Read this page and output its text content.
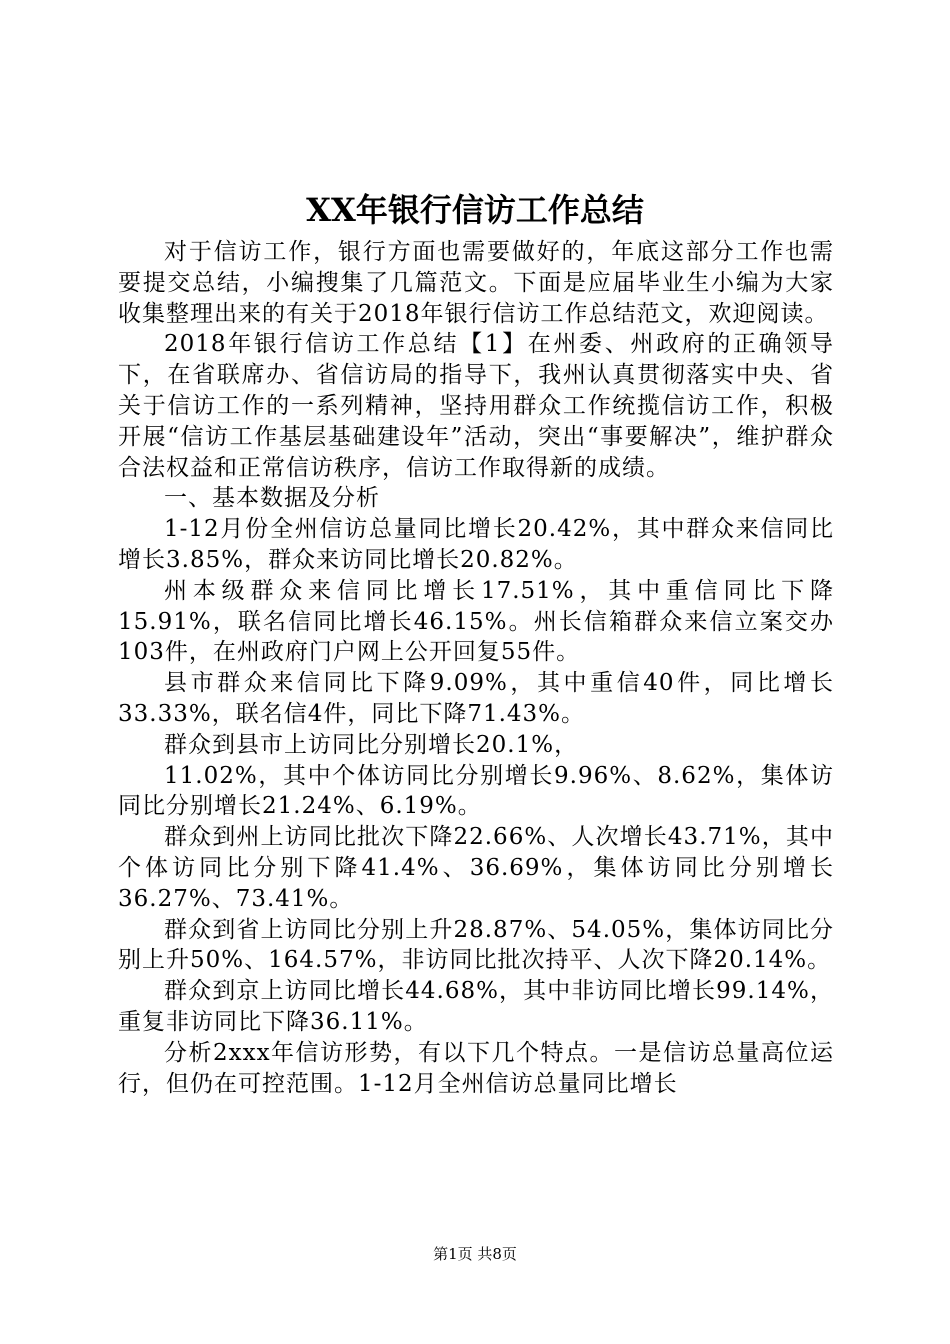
XX年银行信访工作总结

对于信访工作，银行方面也需要做好的，年底这部分工作也需要提交总结，小编搜集了几篇范文。下面是应届毕业生小编为大家收集整理出来的有关于2018年银行信访工作总结范文，欢迎阅读。

2018年银行信访工作总结【1】在州委、州政府的正确领导下，在省联席办、省信访局的指导下，我州认真贯彻落实中央、省关于信访工作的一系列精神，坚持用群众工作统揽信访工作，积极开展“信访工作基层基础建设年”活动，突出“事要解决”，维护群众合法权益和正常信访秩序，信访工作取得新的成绩。

一、基本数据及分析

1-12月份全州信访总量同比增长20.42%，其中群众来信同比增长3.85%，群众来访同比增长20.82%。

州本级群众来信同比增长17.51%，其中重信同比下降15.91%，联名信同比增长46.15%。州长信箱群众来信立案交办103件，在州政府门户网上公开回复55件。

县市群众来信同比下降9.09%，其中重信40件，同比增长33.33%，联名信4件，同比下降71.43%。

群众到县市上访同比分别增长20.1%，

11.02%，其中个体访同比分别增长9.96%、8.62%，集体访同比分别增长21.24%、6.19%。

群众到州上访同比批次下降22.66%、人次增长43.71%，其中个体访同比分别下降41.4%、36.69%，集体访同比分别增长36.27%、73.41%。

群众到省上访同比分别上升28.87%、54.05%，集体访同比分别上升50%、164.57%，非访同比批次持平、人次下降20.14%。

群众到京上访同比增长44.68%，其中非访同比增长99.14%，重复非访同比下降36.11%。

分析2xxx年信访形势，有以下几个特点。一是信访总量高位运行，但仍在可控范围。1-12月全州信访总量同比增长

第1页 共8页
